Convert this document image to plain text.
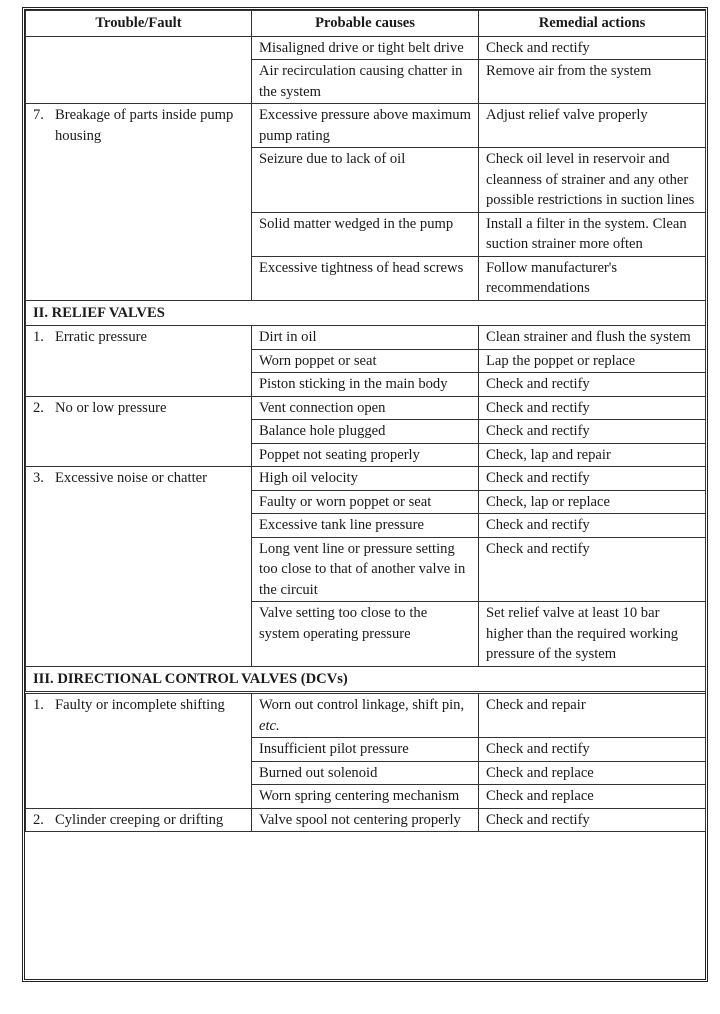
Trouble/Fault	Probable causes	Remedial actions
	Misaligned drive or tight belt drive	Check and rectify
	Air recirculation causing chatter in the system	Remove air from the system
7. Breakage of parts inside pump housing	Excessive pressure above maximum pump rating	Adjust relief valve properly
	Seizure due to lack of oil	Check oil level in reservoir and cleanness of strainer and any other possible restrictions in suction lines
	Solid matter wedged in the pump	Install a filter in the system. Clean suction strainer more often
	Excessive tightness of head screws	Follow manufacturer's recommendations
II. RELIEF VALVES		
1. Erratic pressure	Dirt in oil	Clean strainer and flush the system
	Worn poppet or seat	Lap the poppet or replace
	Piston sticking in the main body	Check and rectify
2. No or low pressure	Vent connection open	Check and rectify
	Balance hole plugged	Check and rectify
	Poppet not seating properly	Check, lap and repair
3. Excessive noise or chatter	High oil velocity	Check and rectify
	Faulty or worn poppet or seat	Check, lap or replace
	Excessive tank line pressure	Check and rectify
	Long vent line or pressure setting too close to that of another valve in the circuit	Check and rectify
	Valve setting too close to the system operating pressure	Set relief valve at least 10 bar higher than the required working pressure of the system
III. DIRECTIONAL CONTROL VALVES (DCVs)		
1. Faulty or incomplete shifting	Worn out control linkage, shift pin, etc.	Check and repair
	Insufficient pilot pressure	Check and rectify
	Burned out solenoid	Check and replace
	Worn spring centering mechanism	Check and replace
2. Cylinder creeping or drifting	Valve spool not centering properly	Check and rectify
